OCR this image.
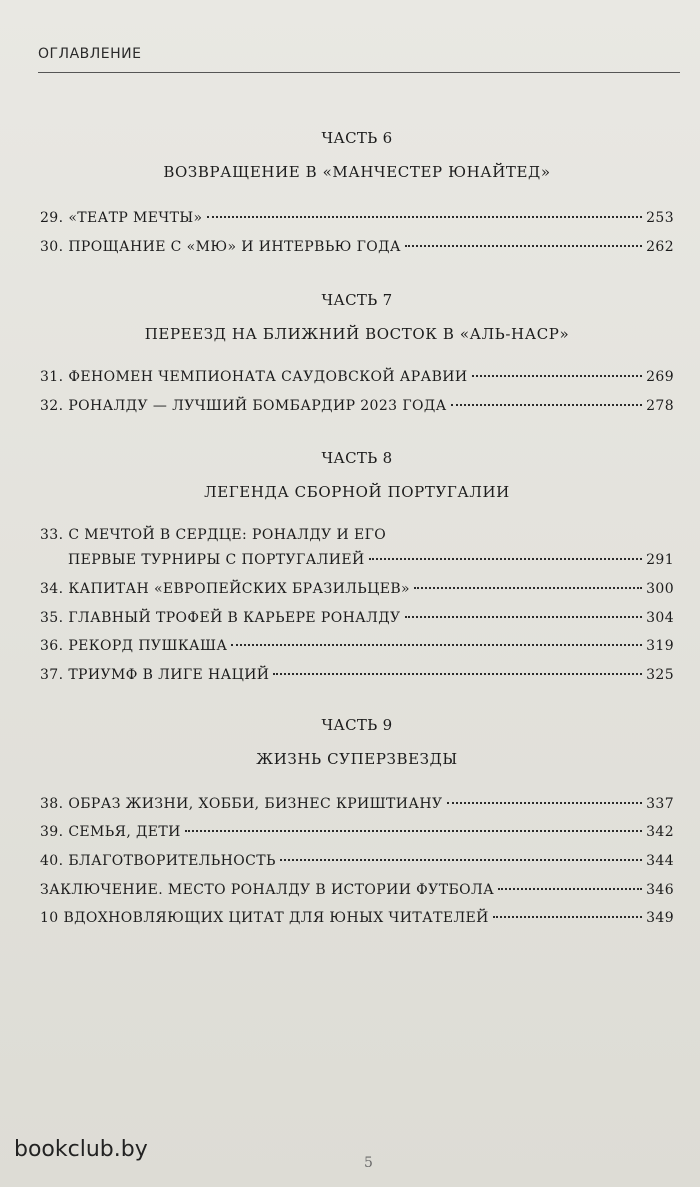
ОГЛАВЛЕНИЕ
ЧАСТЬ 6
ВОЗВРАЩЕНИЕ В «МАНЧЕСТЕР ЮНАЙТЕД»
29. «ТЕАТР МЕЧТЫ»	253
30. ПРОЩАНИЕ С «МЮ» И ИНТЕРВЬЮ ГОДА	262
ЧАСТЬ 7
ПЕРЕЕЗД НА БЛИЖНИЙ ВОСТОК В «АЛЬ-НАСР»
31. ФЕНОМЕН ЧЕМПИОНАТА САУДОВСКОЙ АРАВИИ	269
32. РОНАЛДУ — ЛУЧШИЙ БОМБАРДИР 2023 ГОДА	278
ЧАСТЬ 8
ЛЕГЕНДА СБОРНОЙ ПОРТУГАЛИИ
33. С МЕЧТОЙ В СЕРДЦЕ: РОНАЛДУ И ЕГО
ПЕРВЫЕ ТУРНИРЫ С ПОРТУГАЛИЕЙ	291
34. КАПИТАН «ЕВРОПЕЙСКИХ БРАЗИЛЬЦЕВ»	300
35. ГЛАВНЫЙ ТРОФЕЙ В КАРЬЕРЕ РОНАЛДУ	304
36. РЕКОРД ПУШКАША	319
37. ТРИУМФ В ЛИГЕ НАЦИЙ	325
ЧАСТЬ 9
ЖИЗНЬ СУПЕРЗВЕЗДЫ
38. ОБРАЗ ЖИЗНИ, ХОББИ, БИЗНЕС КРИШТИАНУ	337
39. СЕМЬЯ, ДЕТИ	342
40. БЛАГОТВОРИТЕЛЬНОСТЬ	344
ЗАКЛЮЧЕНИЕ. МЕСТО РОНАЛДУ В ИСТОРИИ ФУТБОЛА	346
10 ВДОХНОВЛЯЮЩИХ ЦИТАТ ДЛЯ ЮНЫХ ЧИТАТЕЛЕЙ	349
5
bookclub.by
